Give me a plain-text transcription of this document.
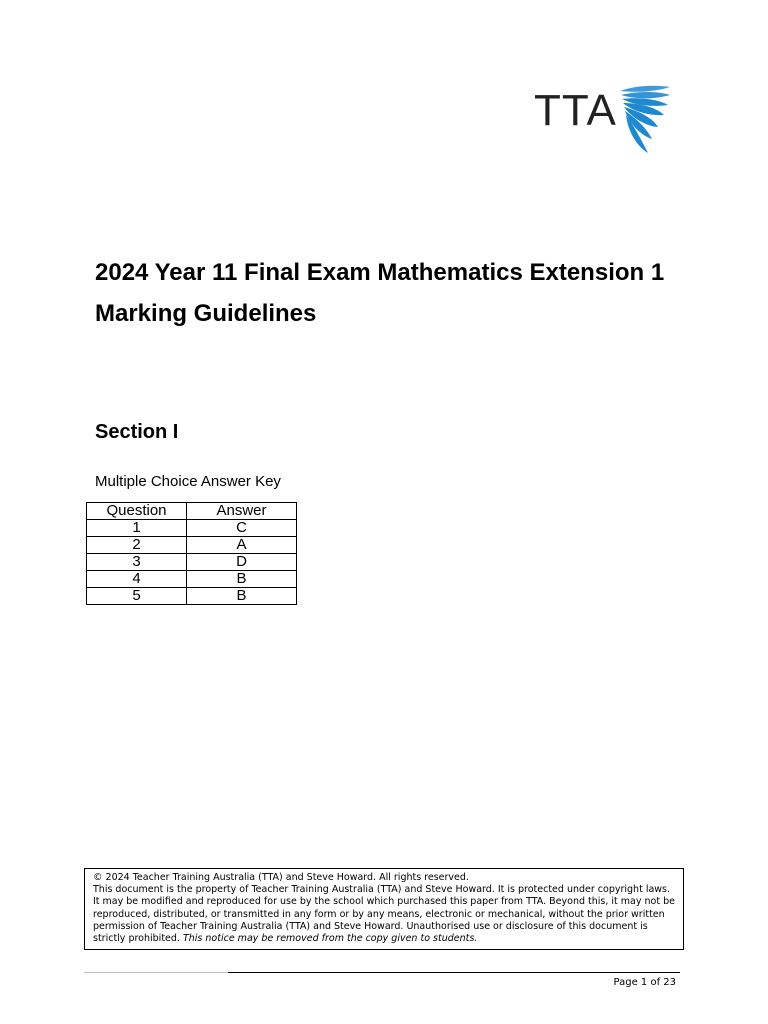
TTA
2024 Year 11 Final Exam Mathematics Extension 1 Marking Guidelines
Section I

Multiple Choice Answer Key

Question	Answer
1	C
2	A
3	D
4	B
5	B

© 2024 Teacher Training Australia (TTA) and Steve Howard. All rights reserved.

This document is the property of Teacher Training Australia (TTA) and Steve Howard. It is protected under copyright laws. It may be modified and reproduced for use by the school which purchased this paper from TTA. Beyond this, it may not be reproduced, distributed, or transmitted in any form or by any means, electronic or mechanical, without the prior written permission of Teacher Training Australia (TTA) and Steve Howard. Unauthorised use or disclosure of this document is strictly prohibited. This notice may be removed from the copy given to students.

Page 1 of 23
